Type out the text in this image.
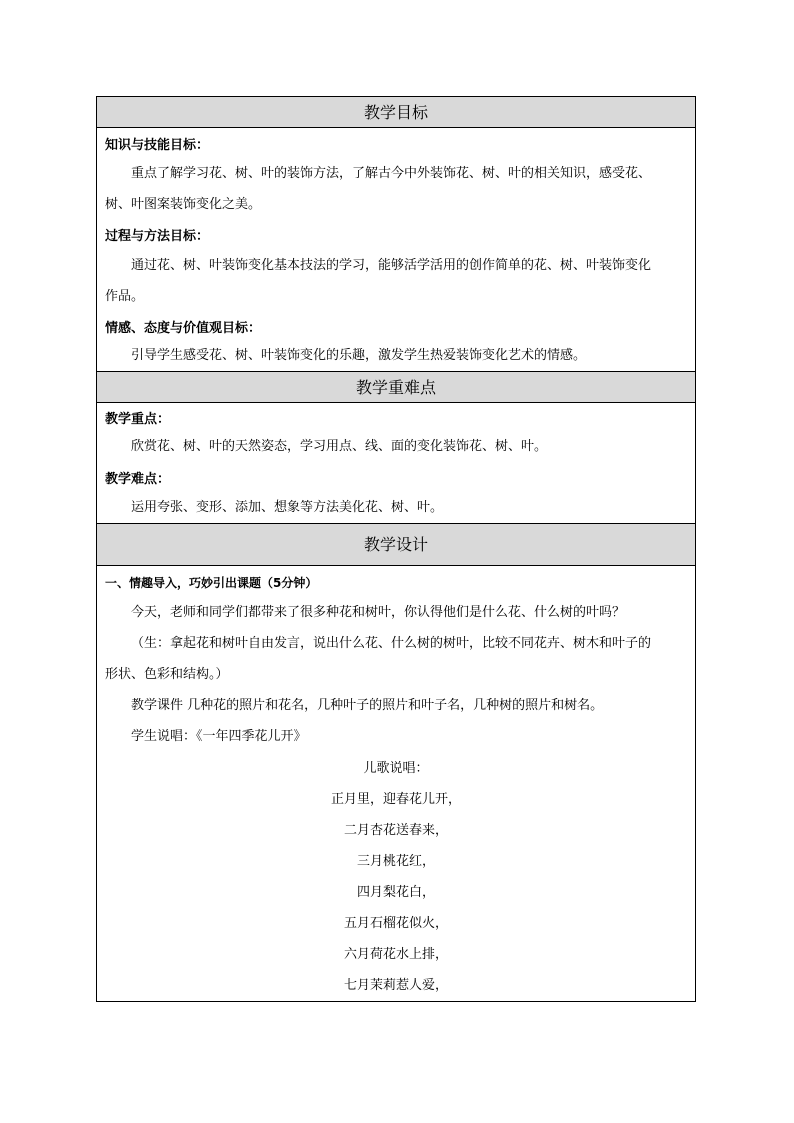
教学目标
知识与技能目标：
重点了解学习花、树、叶的装饰方法，了解古今中外装饰花、树、叶的相关知识，感受花、
树、叶图案装饰变化之美。
过程与方法目标：
通过花、树、叶装饰变化基本技法的学习，能够活学活用的创作简单的花、树、叶装饰变化
作品。
情感、态度与价值观目标：
引导学生感受花、树、叶装饰变化的乐趣，激发学生热爱装饰变化艺术的情感。
教学重难点
教学重点：
欣赏花、树、叶的天然姿态，学习用点、线、面的变化装饰花、树、叶。
教学难点：
运用夸张、变形、添加、想象等方法美化花、树、叶。
教学设计
一、情趣导入，巧妙引出课题（5分钟）
今天，老师和同学们都带来了很多种花和树叶，你认得他们是什么花、什么树的叶吗？
（生：拿起花和树叶自由发言，说出什么花、什么树的树叶，比较不同花卉、树木和叶子的
形状、色彩和结构。）
教学课件 几种花的照片和花名，几种叶子的照片和叶子名，几种树的照片和树名。
学生说唱：《一年四季花儿开》
儿歌说唱：
正月里，迎春花儿开，
二月杏花送春来，
三月桃花红，
四月梨花白，
五月石榴花似火，
六月荷花水上排，
七月茉莉惹人爱，
